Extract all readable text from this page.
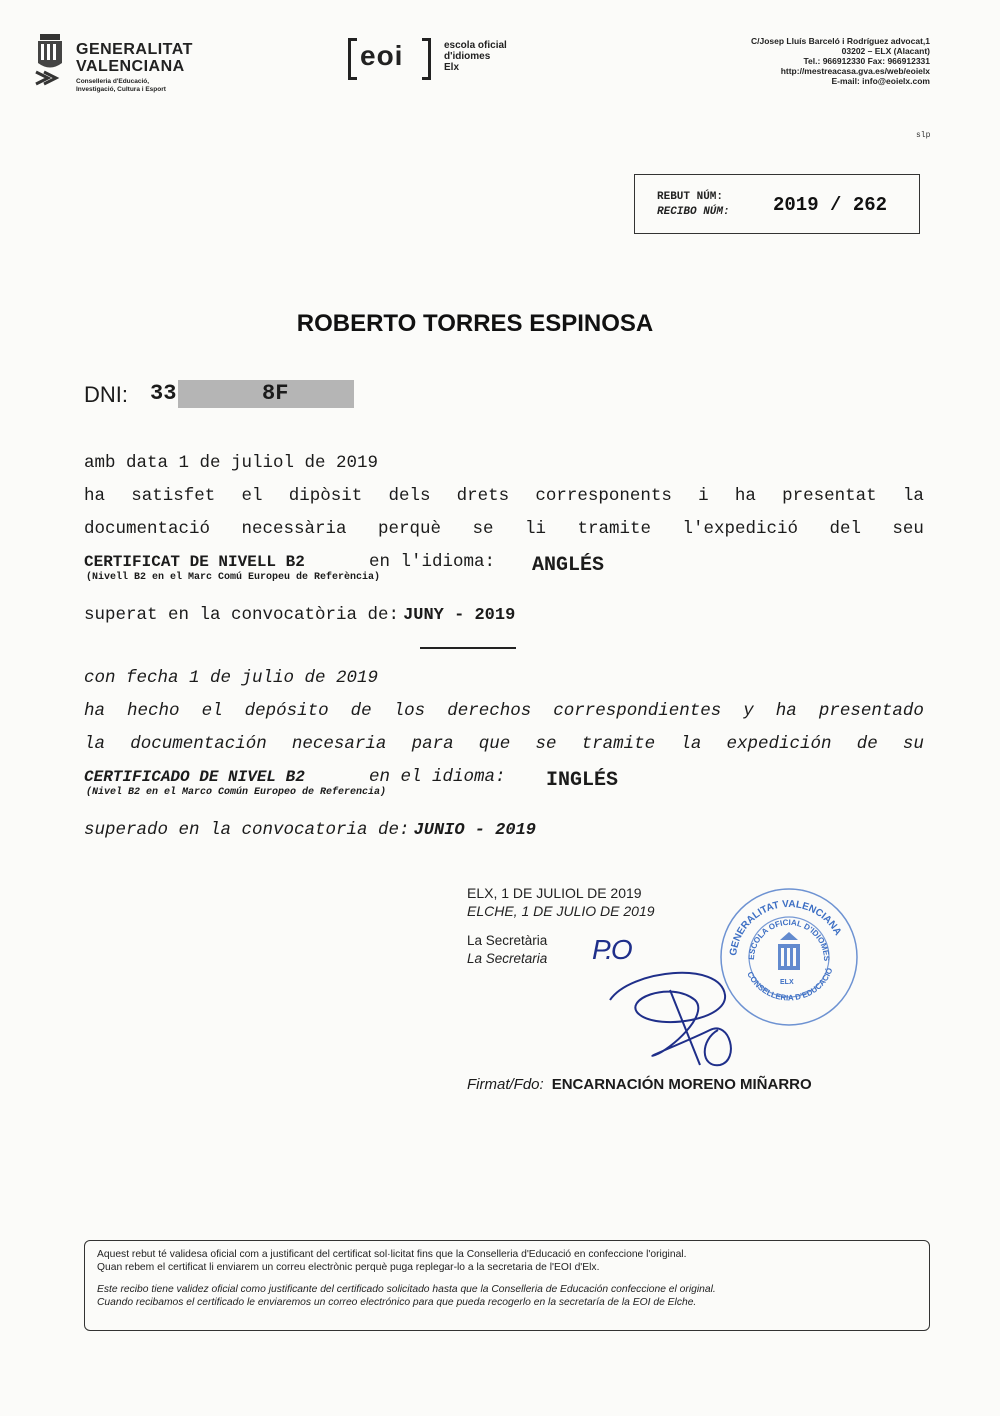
GENERALITAT
VALENCIANA
Conselleria d'Educació,
Investigació, Cultura i Esport
eoi	escola oficial
d'idiomes
Elx
C/Josep Lluís Barceló i Rodríguez advocat,1
03202 – ELX (Alacant)
Tel.: 966912330 Fax: 966912331
http://mestreacasa.gva.es/web/eoielx
E-mail: info@eoielx.com
slp
REBUT NÚM:
RECIBO NÚM: 2019 / 262
ROBERTO TORRES ESPINOSA
DNI: 33	8F
amb data 1 de juliol de 2019
ha satisfet el dipòsit dels drets corresponents i ha presentat la
documentació necessària perquè se li tramite l'expedició del seu
CERTIFICAT DE NIVELL B2	en l'idioma:
(Nivell B2 en el Marc Comú Europeu de Referència)
ANGLÉS
superat en la convocatòria de: JUNY - 2019
con fecha 1 de julio de 2019
ha hecho el depósito de los derechos correspondientes y ha presentado
la documentación necesaria para que se tramite la expedición de su
CERTIFICADO DE NIVEL B2	en el idioma:
(Nivel B2 en el Marco Común Europeo de Referencia)
INGLÉS
superado en la convocatoria de: JUNIO - 2019
ELX, 1 DE JULIOL DE 2019
ELCHE, 1 DE JULIO DE 2019
La Secretària
La Secretaria P.O	GENERALITAT VALENCIANA
ESCOLA OFICIAL D'IDIOMES
CONSELLERIA D'EDUCACIÓ
ELX
Firmat/Fdo: ENCARNACIÓN MORENO MIÑARRO

Aquest rebut té validesa oficial com a justificant del certificat sol·licitat fins que la Conselleria d'Educació en confeccione l'original.

Quan rebem el certificat li enviarem un correu electrònic perquè puga replegar-lo a la secretaria de l'EOI d'Elx.

Este recibo tiene validez oficial como justificante del certificado solicitado hasta que la Conselleria de Educación confeccione el original.

Cuando recibamos el certificado le enviaremos un correo electrónico para que pueda recogerlo en la secretaría de la EOI de Elche.
